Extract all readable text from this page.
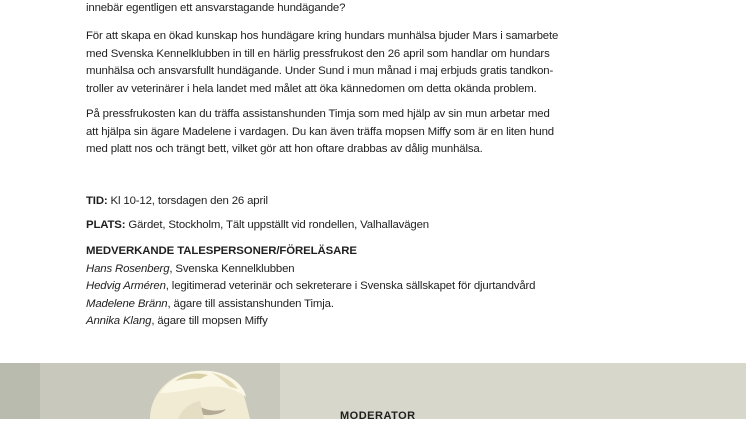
innebär egentligen ett ansvarstagande hundägande?

För att skapa en ökad kunskap hos hundägare kring hundars munhälsa bjuder Mars i samarbete
med Svenska Kennelklubben in till en härlig pressfrukost den 26 april som handlar om hundars
munhälsa och ansvarsfullt hundägande. Under Sund i mun månad i maj erbjuds gratis tandkon-
troller av veterinärer i hela landet med målet att öka kännedomen om detta okända problem.

På pressfrukosten kan du träffa assistanshunden Timja som med hjälp av sin mun arbetar med
att hjälpa sin ägare Madelene i vardagen. Du kan även träffa mopsen Miffy som är en liten hund
med platt nos och trängt bett, vilket gör att hon oftare drabbas av dålig munhälsa.

TID: Kl 10-12, torsdagen den 26 april
PLATS: Gärdet, Stockholm, Tält uppställt vid rondellen, Valhallavägen
MEDVERKANDE TALESPERSONER/FÖRELÄSARE
Hans Rosenberg, Svenska Kennelklubben
Hedvig Arméren, legitimerad veterinär och sekreterare i Svenska sällskapet för djurtandvård
Madelene Bränn, ägare till assistanshunden Timja.
Annika Klang, ägare till mopsen Miffy
MODERATOR
